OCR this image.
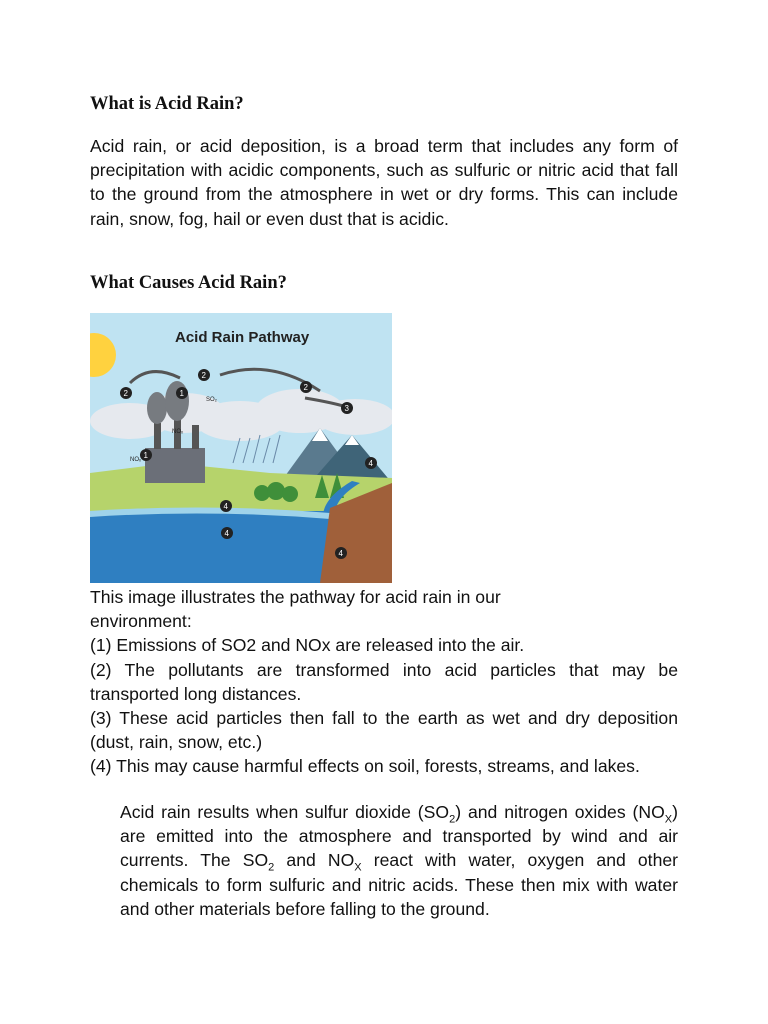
What is Acid Rain?

Acid rain, or acid deposition, is a broad term that includes any form of precipitation with acidic components, such as sulfuric or nitric acid that fall to the ground from the atmosphere in wet or dry forms. This can include rain, snow, fog, hail or even dust that is acidic.

What Causes Acid Rain?
Acid Rain Pathway
SO₂
NOₓ
NOₓ
1
2
2
2
3
1
4
4
4
4
This image illustrates the pathway for acid rain in our
environment:
(1) Emissions of SO2 and NOx are released into the air.
(2) The pollutants are transformed into acid particles that may be transported long distances.
(3) These acid particles then fall to the earth as wet and dry deposition (dust, rain, snow, etc.)
(4) This may cause harmful effects on soil, forests, streams, and lakes.

Acid rain results when sulfur dioxide $(SO_2)$ and nitrogen oxides $(NO_X)$ are emitted into the atmosphere and transported by wind and air currents. The $SO_2$ and $NO_X$ react with water, oxygen and other chemicals to form sulfuric and nitric acids. These then mix with water and other materials before falling to the ground.
